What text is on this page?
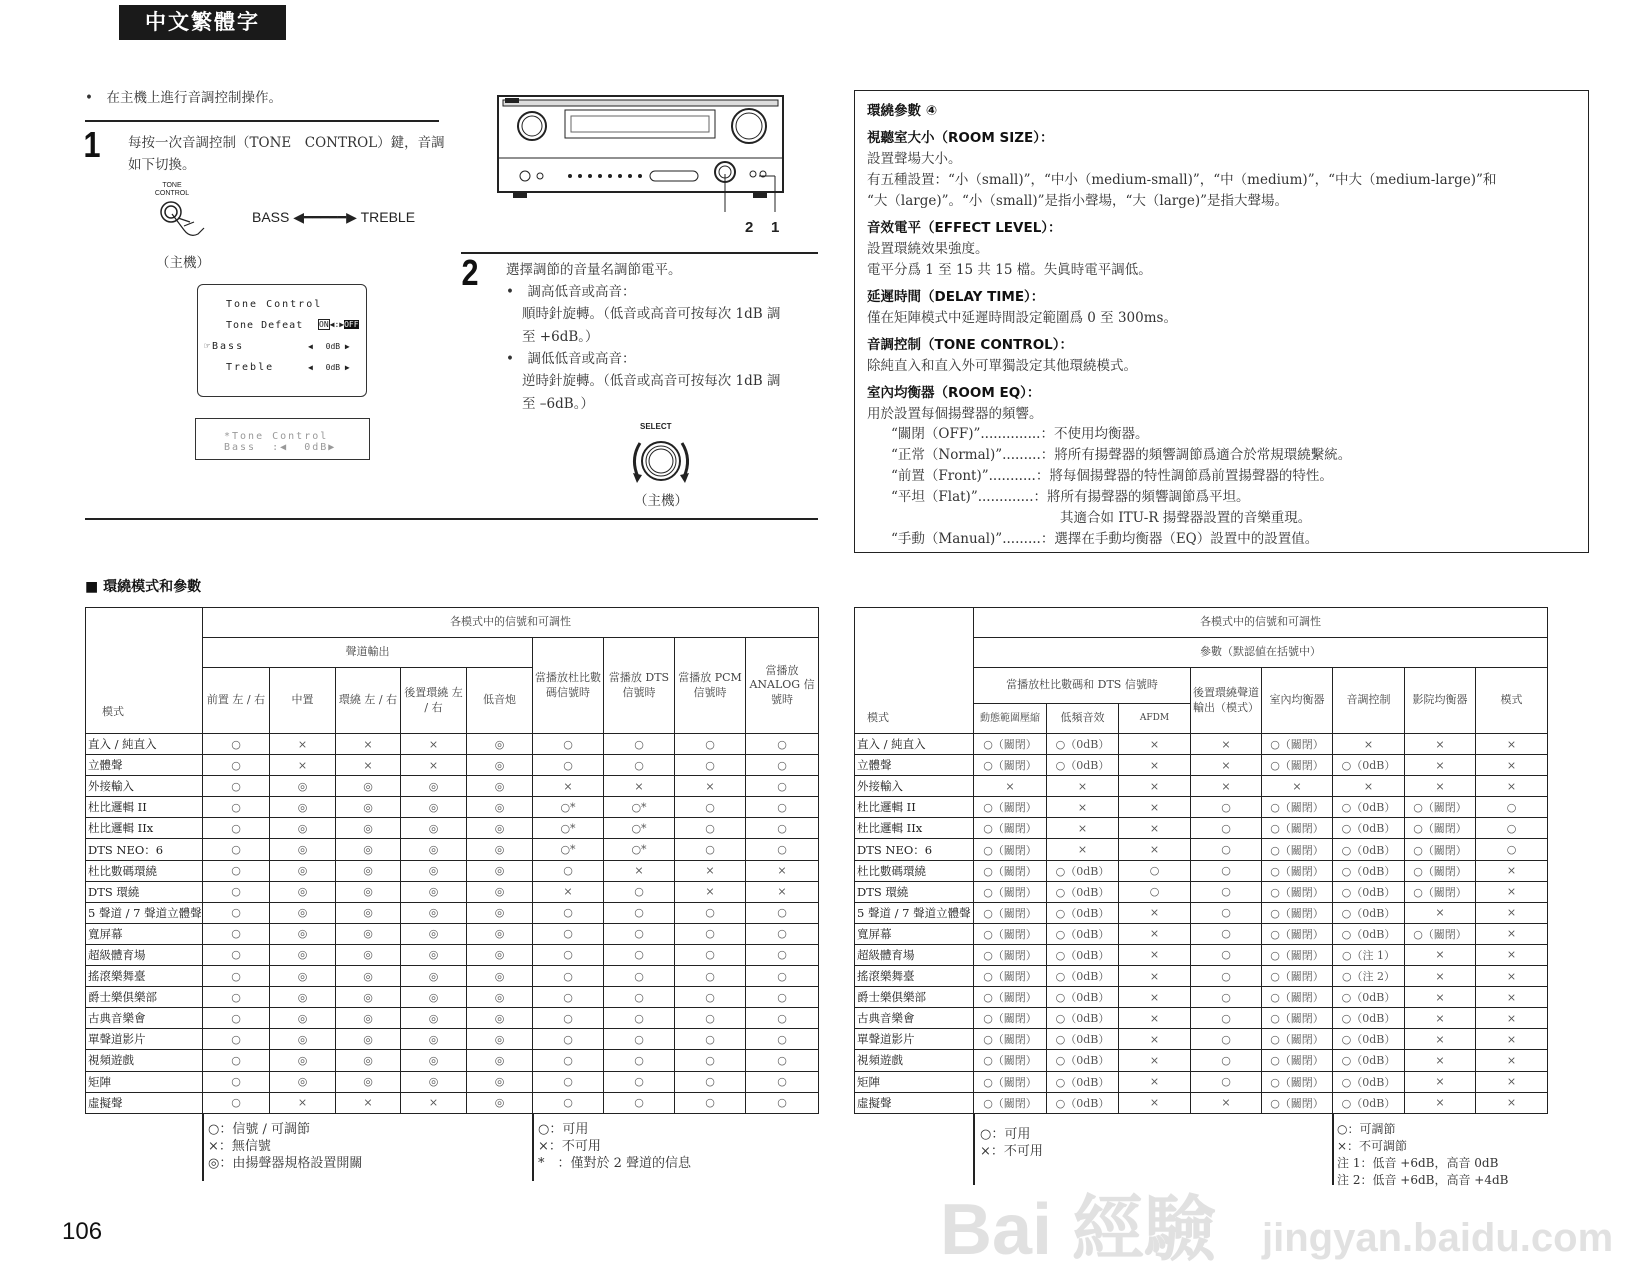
中文繁體字
•　在主機上進行音調控制操作。
1 每按一次音調控制（TONE　CONTROL）鍵，音調
如下切換。
TONE
CONTROL
BASS ◀━━━━━▶ TREBLE
（主機）
Tone Control
Tone Defeat ON◀:▶OFF
☞Bass	◀　 0dB ▶
Treble	◀　 0dB ▶
*Tone Control
Bass  :◀  0dB▶
2 1
2 選擇調節的音量名調節電平。
•　調高低音或高音：
順時針旋轉。（低音或高音可按每次 1dB 調
至 +6dB。）
•　調低低音或高音：
逆時針旋轉。（低音或高音可按每次 1dB 調
至 –6dB。）
SELECT
（主機）
環繞參數 ④
視聽室大小（ROOM SIZE）：
設置聲場大小。
有五種設置：“小（small)”，“中小（medium-small)”，“中（medium)”，“中大（medium-large)”和
“大（large)”。“小（small)”是指小聲場，“大（large)”是指大聲場。
音效電平（EFFECT LEVEL）：
設置環繞效果強度。
電平分爲 1 至 15 共 15 檔。失眞時電平調低。
延遲時間（DELAY TIME）：
僅在矩陣模式中延遲時間設定範圍爲 0 至 300ms。
音調控制（TONE CONTROL）：
除純直入和直入外可單獨設定其他環繞模式。
室內均衡器（ROOM EQ）：
用於設置每個揚聲器的頻響。
“關閉（OFF)”..............：不使用均衡器。
“正常（Normal)”.........：將所有揚聲器的頻響調節爲適合於常規環繞繫統。
“前置（Front)”...........：將每個揚聲器的特性調節爲前置揚聲器的特性。
“平坦（Flat)”.............：將所有揚聲器的頻響調節爲平坦。
其適合如 ITU-R 揚聲器設置的音樂重現。
“手動（Manual)”.........：選擇在手動均衡器（EQ）設置中的設置值。
■ 環繞模式和參數
模式	各模式中的信號和可調性								
	聲道輸出					當播放杜比數碼信號時	當播放 DTS 信號時	當播放 PCM 信號時	當播放 ANALOG 信號時
	前置 左 / 右	中置	環繞 左 / 右	後置環繞 左 / 右	低音炮				
直入 / 純直入	○	×	×	×	◎	○	○	○	○
立體聲	○	×	×	×	◎	○	○	○	○
外接輸入	○	◎	◎	◎	◎	×	×	×	○
杜比邏輯 II	○	◎	◎	◎	◎	○*	○*	○	○
杜比邏輯 IIx	○	◎	◎	◎	◎	○*	○*	○	○
DTS NEO：6	○	◎	◎	◎	◎	○*	○*	○	○
杜比數碼環繞	○	◎	◎	◎	◎	○	×	×	×
DTS 環繞	○	◎	◎	◎	◎	×	○	×	×
5 聲道 / 7 聲道立體聲	○	◎	◎	◎	◎	○	○	○	○
寬屏幕	○	◎	◎	◎	◎	○	○	○	○
超級體育場	○	◎	◎	◎	◎	○	○	○	○
搖滾樂舞臺	○	◎	◎	◎	◎	○	○	○	○
爵士樂俱樂部	○	◎	◎	◎	◎	○	○	○	○
古典音樂會	○	◎	◎	◎	◎	○	○	○	○
單聲道影片	○	◎	◎	◎	◎	○	○	○	○
視頻遊戲	○	◎	◎	◎	◎	○	○	○	○
矩陣	○	◎	◎	◎	◎	○	○	○	○
虛擬聲	○	×	×	×	◎	○	○	○	○
模式	各模式中的信號和可調性							
	參數（默認値在括號中）							
	當播放杜比數碼和 DTS 信號時			後置環繞聲道輸出（模式）	室內均衡器	音調控制	影院均衡器	模式
	動態範圍壓縮	低頻音效	AFDM					
直入 / 純直入	○（關閉）	○（0dB）	×	×	○（關閉）	×	×	×
立體聲	○（關閉）	○（0dB）	×	×	○（關閉）	○（0dB）	×	×
外接輸入	×	×	×	×	×	×	×	×
杜比邏輯 II	○（關閉）	×	×	○	○（關閉）	○（0dB）	○（關閉）	○
杜比邏輯 IIx	○（關閉）	×	×	○	○（關閉）	○（0dB）	○（關閉）	○
DTS NEO：6	○（關閉）	×	×	○	○（關閉）	○（0dB）	○（關閉）	○
杜比數碼環繞	○（關閉）	○（0dB）	○	○	○（關閉）	○（0dB）	○（關閉）	×
DTS 環繞	○（關閉）	○（0dB）	○	○	○（關閉）	○（0dB）	○（關閉）	×
5 聲道 / 7 聲道立體聲	○（關閉）	○（0dB）	×	○	○（關閉）	○（0dB）	×	×
寬屏幕	○（關閉）	○（0dB）	×	○	○（關閉）	○（0dB）	○（關閉）	×
超級體育場	○（關閉）	○（0dB）	×	○	○（關閉）	○（注 1）	×	×
搖滾樂舞臺	○（關閉）	○（0dB）	×	○	○（關閉）	○（注 2）	×	×
爵士樂俱樂部	○（關閉）	○（0dB）	×	○	○（關閉）	○（0dB）	×	×
古典音樂會	○（關閉）	○（0dB）	×	○	○（關閉）	○（0dB）	×	×
單聲道影片	○（關閉）	○（0dB）	×	○	○（關閉）	○（0dB）	×	×
視頻遊戲	○（關閉）	○（0dB）	×	○	○（關閉）	○（0dB）	×	×
矩陣	○（關閉）	○（0dB）	×	○	○（關閉）	○（0dB）	×	×
虛擬聲	○（關閉）	○（0dB）	×	×	○（關閉）	○（0dB）	×	×
○：信號 / 可調節
×：無信號
◎：由揚聲器規格設置開關
○：可用
×：不可用
*　：僅對於 2 聲道的信息
○：可用
×：不可用
○：可調節
×：不可調節
注 1：低音 +6dB，高音 0dB
注 2：低音 +6dB，高音 +4dB
Bai 經驗 jingyan.baidu.com
106
